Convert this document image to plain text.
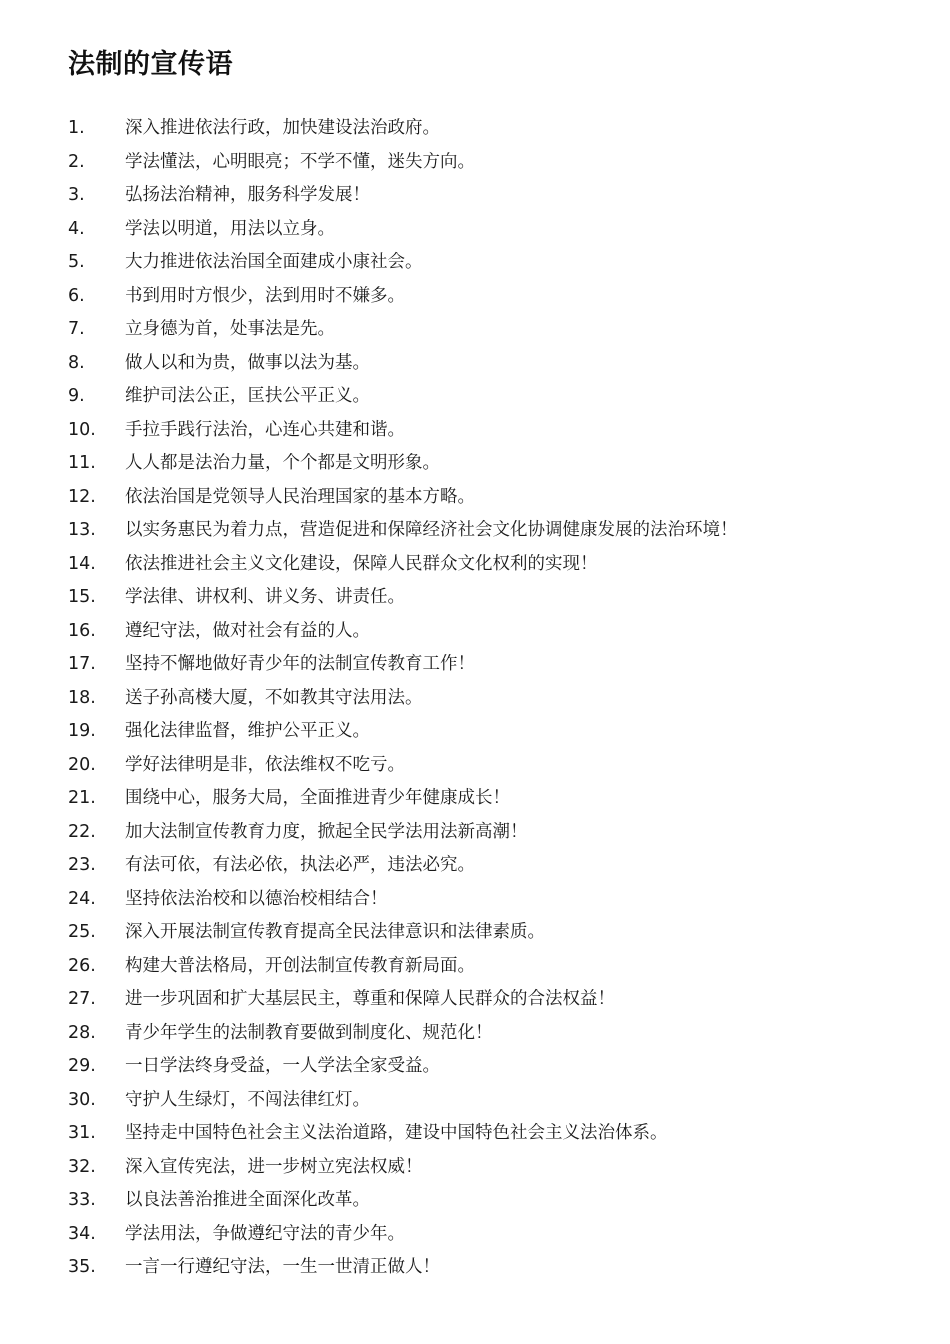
法制的宣传语
1.	深入推进依法行政，加快建设法治政府。
2.	学法懂法，心明眼亮；不学不懂，迷失方向。
3.	弘扬法治精神，服务科学发展！
4.	学法以明道，用法以立身。
5.	大力推进依法治国全面建成小康社会。
6.	书到用时方恨少，法到用时不嫌多。
7.	立身德为首，处事法是先。
8.	做人以和为贵，做事以法为基。
9.	维护司法公正，匡扶公平正义。
10.	手拉手践行法治，心连心共建和谐。
11.	人人都是法治力量，个个都是文明形象。
12.	依法治国是党领导人民治理国家的基本方略。
13.	以实务惠民为着力点，营造促进和保障经济社会文化协调健康发展的法治环境！
14.	依法推进社会主义文化建设，保障人民群众文化权利的实现！
15.	学法律、讲权利、讲义务、讲责任。
16.	遵纪守法，做对社会有益的人。
17.	坚持不懈地做好青少年的法制宣传教育工作！
18.	送子孙高楼大厦，不如教其守法用法。
19.	强化法律监督，维护公平正义。
20.	学好法律明是非，依法维权不吃亏。
21.	围绕中心，服务大局，全面推进青少年健康成长！
22.	加大法制宣传教育力度，掀起全民学法用法新高潮！
23.	有法可依，有法必依，执法必严，违法必究。
24.	坚持依法治校和以德治校相结合！
25.	深入开展法制宣传教育提高全民法律意识和法律素质。
26.	构建大普法格局，开创法制宣传教育新局面。
27.	进一步巩固和扩大基层民主，尊重和保障人民群众的合法权益！
28.	青少年学生的法制教育要做到制度化、规范化！
29.	一日学法终身受益，一人学法全家受益。
30.	守护人生绿灯，不闯法律红灯。
31.	坚持走中国特色社会主义法治道路，建设中国特色社会主义法治体系。
32.	深入宣传宪法，进一步树立宪法权威！
33.	以良法善治推进全面深化改革。
34.	学法用法，争做遵纪守法的青少年。
35.	一言一行遵纪守法，一生一世清正做人！
